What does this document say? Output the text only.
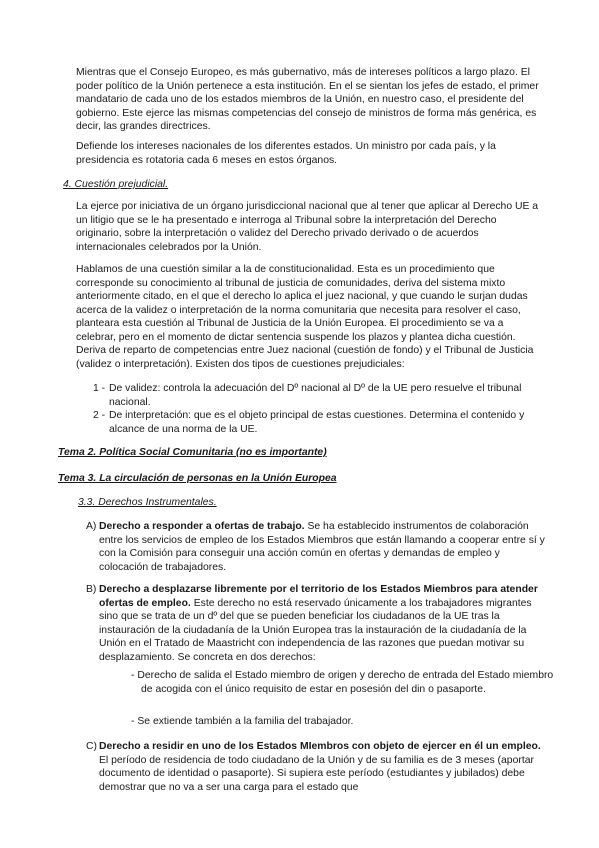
Mientras que el Consejo Europeo, es más gubernativo, más de intereses políticos a largo plazo. El poder político de la Unión pertenece a esta institución. En el se sientan los jefes de estado, el primer mandatario de cada uno de los estados miembros de la Unión, en nuestro caso, el presidente del gobierno. Este ejerce las mismas competencias del consejo de ministros de forma más genérica, es decir, las grandes directrices.

Defiende los intereses nacionales de los diferentes estados. Un ministro por cada país, y la presidencia es rotatoria cada 6 meses en estos órganos.

4. Cuestión prejudicial.

La ejerce por iniciativa de un órgano jurisdiccional nacional que al tener que aplicar al Derecho UE a un litigio que se le ha presentado e interroga al Tribunal sobre la interpretación del Derecho originario, sobre la interpretación o validez del Derecho privado derivado o de acuerdos internacionales celebrados por la Unión.

Hablamos de una cuestión similar a la de constitucionalidad. Esta es un procedimiento que corresponde su conocimiento al tribunal de justicia de comunidades, deriva del sistema mixto anteriormente citado, en el que el derecho lo aplica el juez nacional, y que cuando le surjan dudas acerca de la validez o interpretación de la norma comunitaria que necesita para resolver el caso, planteara esta cuestión al Tribunal de Justicia de la Unión Europea. El procedimiento se va a celebrar, pero en el momento de dictar sentencia suspende los plazos y plantea dicha cuestión. Deriva de reparto de competencias entre Juez nacional (cuestión de fondo) y el Tribunal de Justicia (validez o interpretación). Existen dos tipos de cuestiones prejudiciales:

1 - De validez: controla la adecuación del Dº nacional al Dº de la UE pero resuelve el tribunal nacional.
2 - De interpretación: que es el objeto principal de estas cuestiones. Determina el contenido y alcance de una norma de la UE.

Tema 2. Política Social Comunitaria (no es importante)

Tema 3. La circulación de personas en la Unión Europea

3.3. Derechos Instrumentales.

A) Derecho a responder a ofertas de trabajo. Se ha establecido instrumentos de colaboración entre los servicios de empleo de los Estados Miembros que están llamando a cooperar entre sí y con la Comisión para conseguir una acción común en ofertas y demandas de empleo y colocación de trabajadores.

B) Derecho a desplazarse libremente por el territorio de los Estados Miembros para atender ofertas de empleo. Este derecho no está reservado únicamente a los trabajadores migrantes sino que se trata de un dº del que se pueden beneficiar los ciudadanos de la UE tras la instauración de la ciudadanía de la Unión Europea tras la instauración de la ciudadanía de la Unión en el Tratado de Maastricht con independencia de las razones que puedan motivar su desplazamiento. Se concreta en dos derechos:

- Derecho de salida el Estado miembro de origen y derecho de entrada del Estado miembro de acogida con el único requisito de estar en posesión del din o pasaporte.

- Se extiende también a la familia del trabajador.

C) Derecho a residir en uno de los Estados MIembros con objeto de ejercer en él un empleo. El período de residencia de todo ciudadano de la Unión y de su familia es de 3 meses (aportar documento de identidad o pasaporte). Si supiera este período (estudiantes y jubilados) debe demostrar que no va a ser una carga para el estado que
